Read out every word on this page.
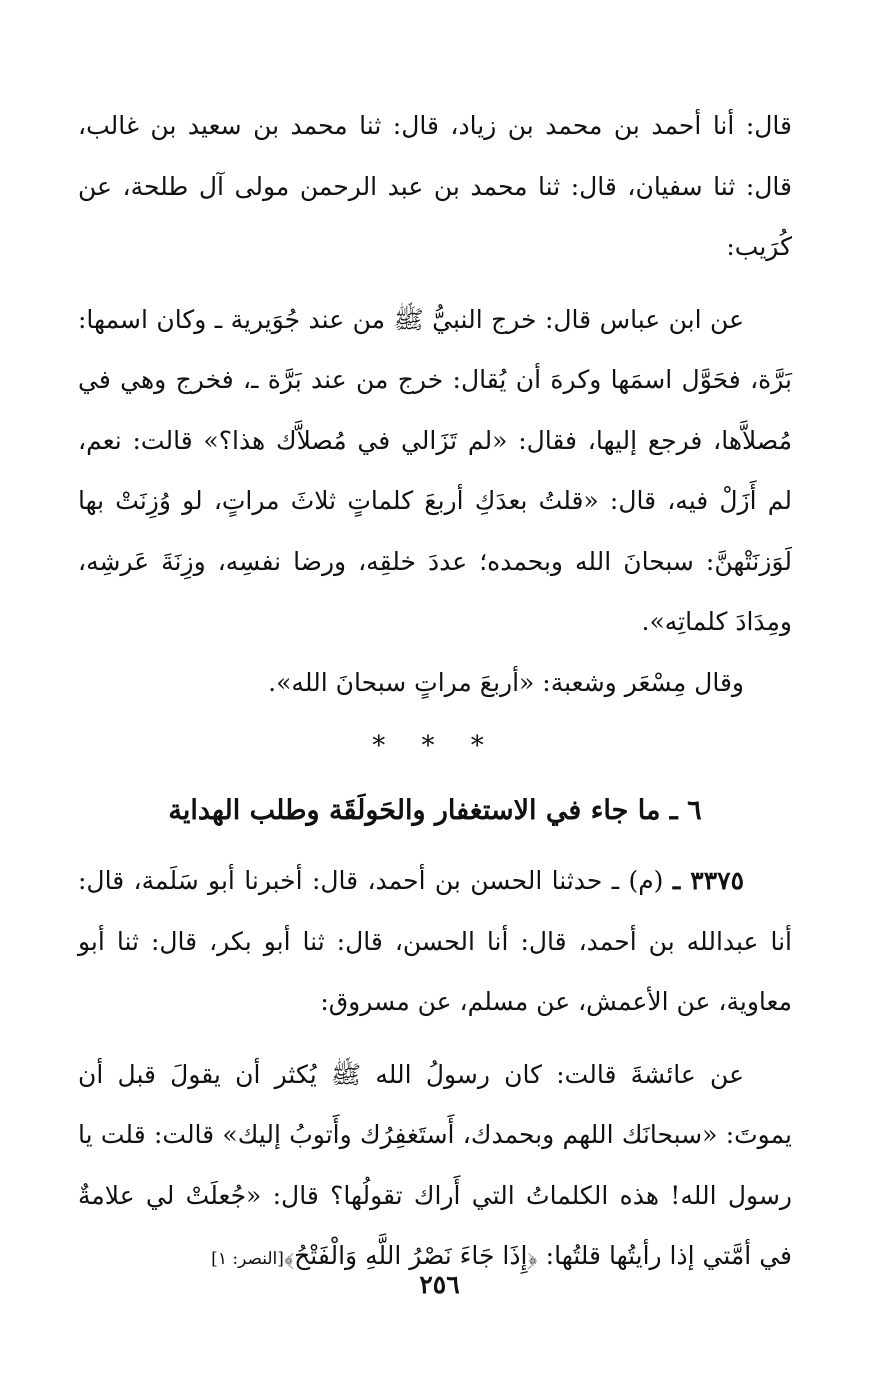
قال: أنا أحمد بن محمد بن زياد، قال: ثنا محمد بن سعيد بن غالب، قال: ثنا سفيان، قال: ثنا محمد بن عبد الرحمن مولى آل طلحة، عن كُرَيب:

عن ابن عباس قال: خرج النبيُّ ﷺ من عند جُوَيرية ـ وكان اسمها: بَرَّة، فحَوَّل اسمَها وكرهَ أن يُقال: خرج من عند بَرَّة ـ، فخرج وهي في مُصلاَّها، فرجع إليها، فقال: «لم تَزَالي في مُصلاَّك هذا؟» قالت: نعم، لم أَزَلْ فيه، قال: «قلتُ بعدَكِ أربعَ كلماتٍ ثلاثَ مراتٍ، لو وُزِنَتْ بها لَوَزنَتْهنَّ: سبحانَ الله وبحمده؛ عددَ خلقِه، ورضا نفسِه، وزِنَةَ عَرشِه، ومِدَادَ كلماتِه».

وقال مِسْعَر وشعبة: «أربعَ مراتٍ سبحانَ الله».

* * *
٦ ـ ما جاء في الاستغفار والحَولَقَة وطلب الهداية

٣٣٧٥ ـ (م) ـ حدثنا الحسن بن أحمد، قال: أخبرنا أبو سَلَمة، قال: أنا عبدالله بن أحمد، قال: أنا الحسن، قال: ثنا أبو بكر، قال: ثنا أبو معاوية، عن الأعمش، عن مسلم، عن مسروق:

عن عائشةَ قالت: كان رسولُ الله ﷺ يُكثر أن يقولَ قبل أن يموتَ: «سبحانَك اللهم وبحمدك، أَستَغفِرُك وأَتوبُ إليك» قالت: قلت يا رسول الله! هذه الكلماتُ التي أَراك تقولُها؟ قال: «جُعلَتْ لي علامةٌ في أمَّتي إذا رأيتُها قلتُها: ﴿إِذَا جَاءَ نَصْرُ اللَّهِ وَالْفَتْحُ﴾[النصر: ١]

٢٥٦
